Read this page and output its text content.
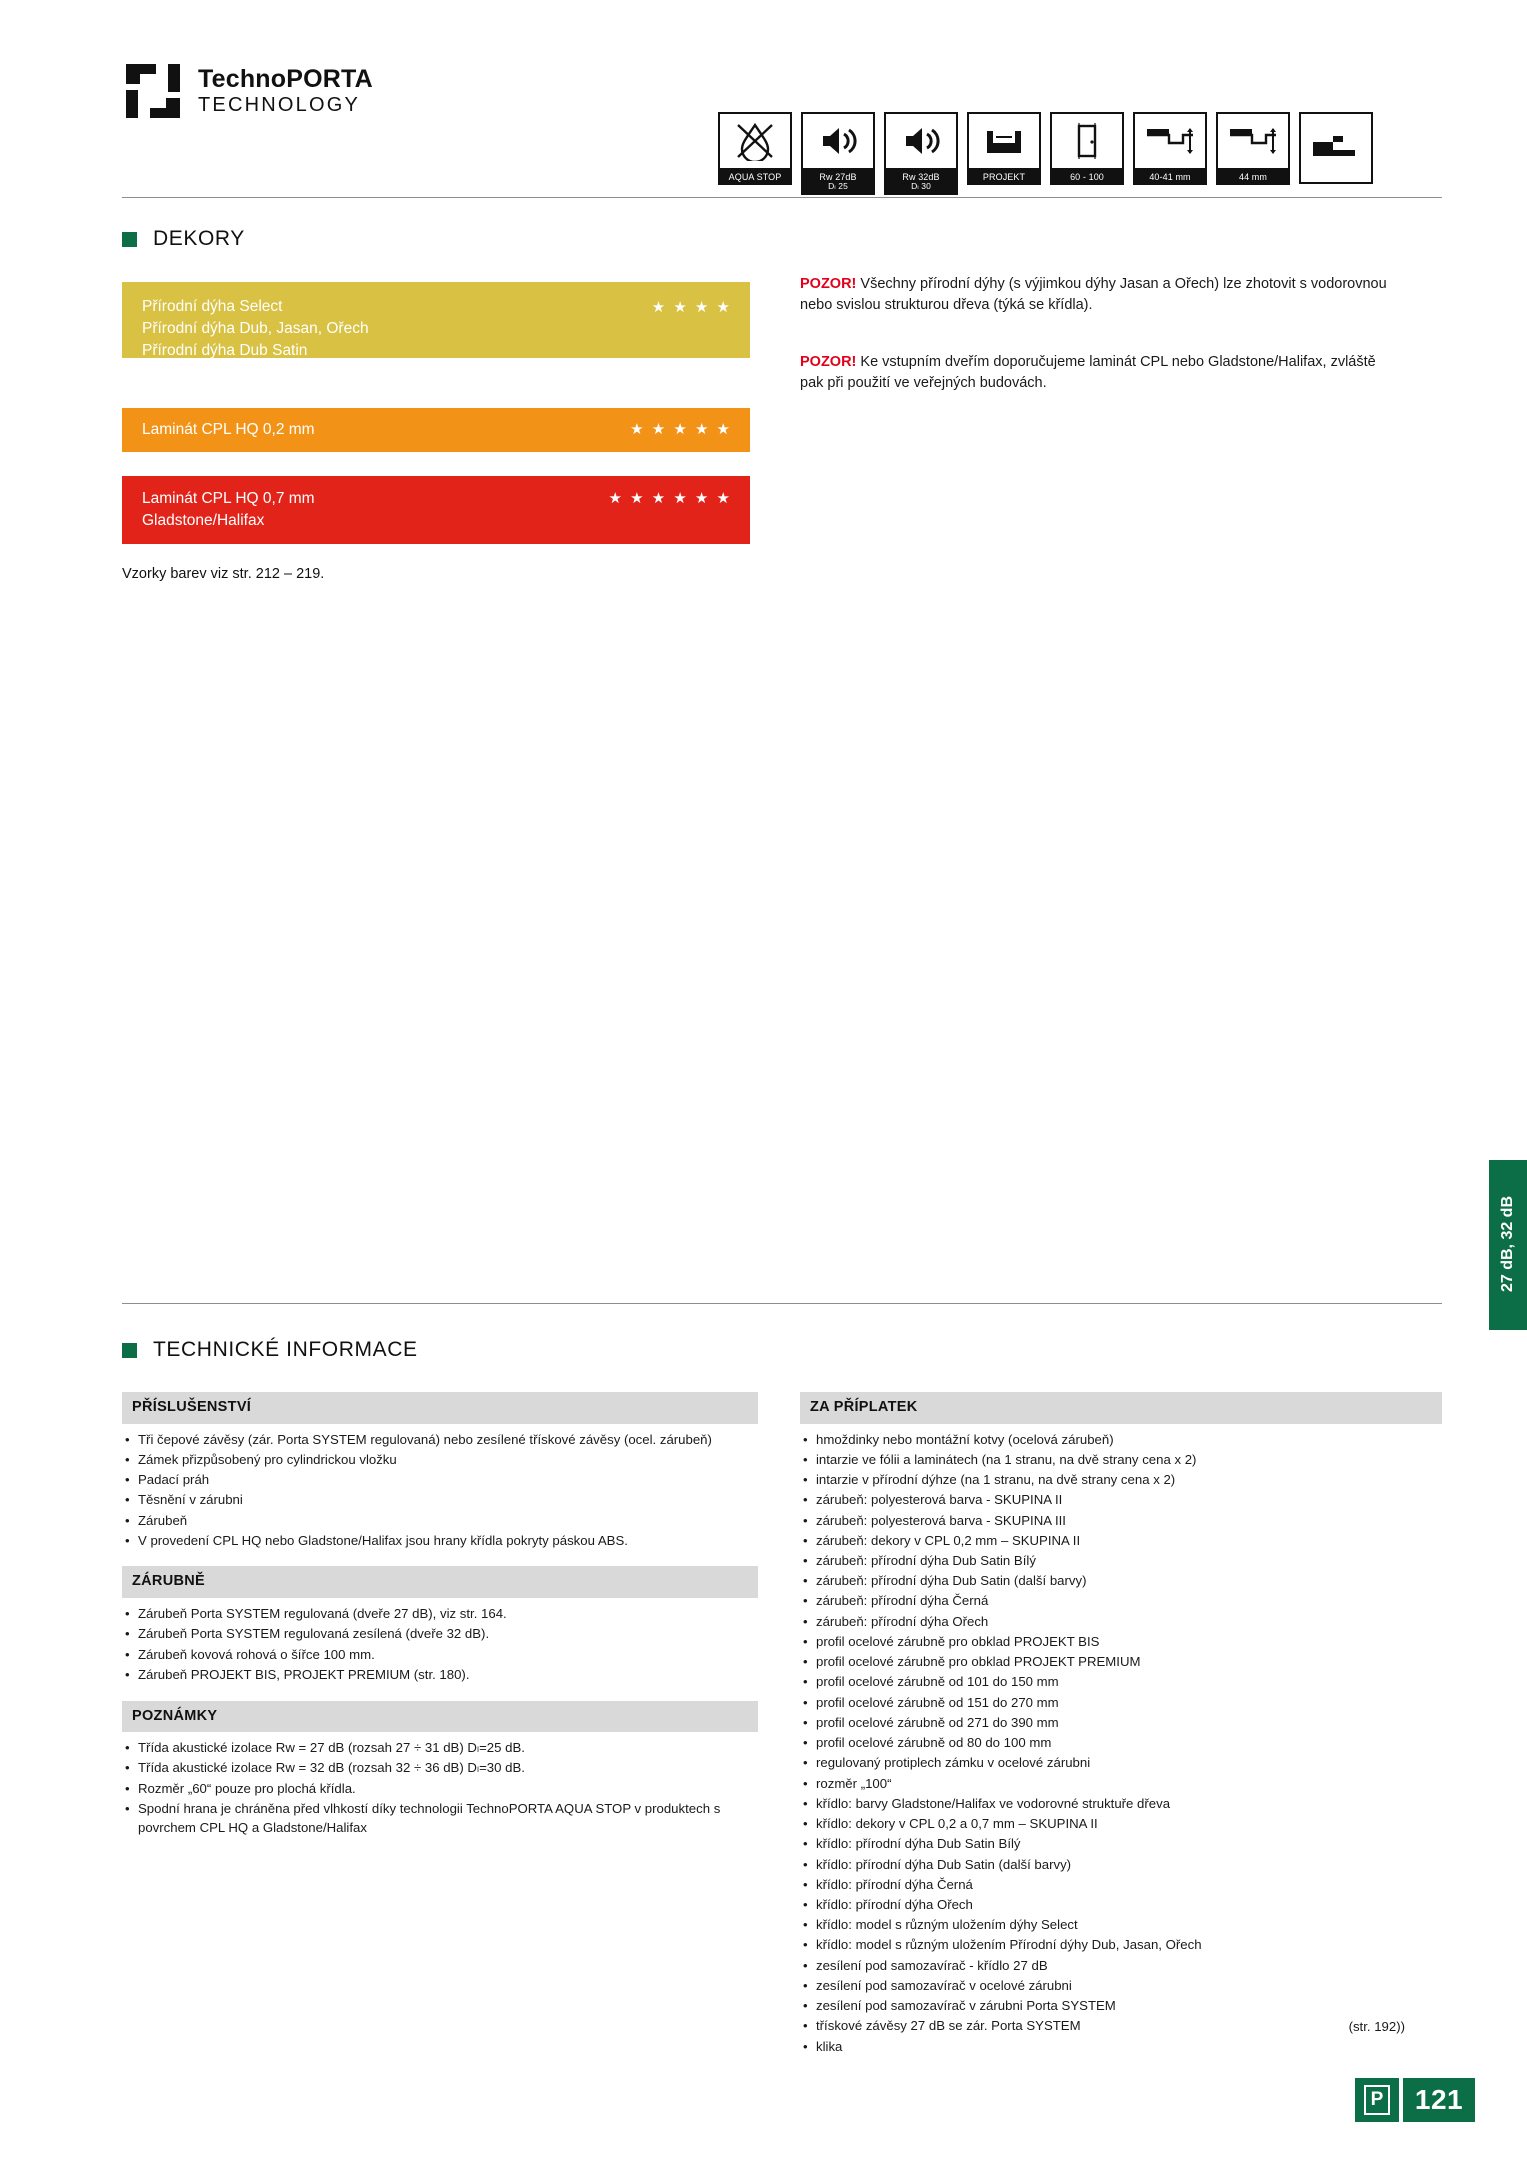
TechnoPORTA
TECHNOLOGY
AQUA STOP	Rw 27dB
Dₗ 25
Rw 32dB
Dₗ 30
PROJEKT	60 - 100	40-41 mm	44 mm
DEKORY
Přírodní dýha Select
Přírodní dýha Dub, Jasan, Ořech
Přírodní dýha Dub Satin
★ ★ ★ ★
Laminát CPL HQ 0,2 mm	★ ★ ★ ★ ★
Laminát CPL HQ 0,7 mm
Gladstone/Halifax
★ ★ ★ ★ ★ ★
Vzorky barev viz str. 212 – 219.
POZOR! Všechny přírodní dýhy (s výjimkou dýhy Jasan a Ořech) lze zhotovit s vodorovnou nebo svislou strukturou dřeva (týká se křídla).
POZOR! Ke vstupním dveřím doporučujeme laminát CPL nebo Gladstone/Halifax, zvláště pak při použití ve veřejných budovách.
27 dB, 32 dB
TECHNICKÉ INFORMACE
PŘÍSLUŠENSTVÍ
• Tři čepové závěsy (zár. Porta SYSTEM regulovaná) nebo zesílené třískové závěsy (ocel. zárubeň)
• Zámek přizpůsobený pro cylindrickou vložku
• Padací práh
• Těsnění v zárubni
• Zárubeň
• V provedení CPL HQ nebo Gladstone/Halifax jsou hrany křídla pokryty páskou ABS.
ZÁRUBNĚ
• Zárubeň Porta SYSTEM regulovaná (dveře 27 dB), viz str. 164.
• Zárubeň Porta SYSTEM regulovaná zesílená (dveře 32 dB).
• Zárubeň kovová rohová o šířce 100 mm.
• Zárubeň PROJEKT BIS, PROJEKT PREMIUM (str. 180).
POZNÁMKY
• Třída akustické izolace Rw = 27 dB (rozsah 27 ÷ 31 dB) Dₗ=25 dB.
• Třída akustické izolace Rw = 32 dB (rozsah 32 ÷ 36 dB) Dₗ=30 dB.
• Rozměr „60“ pouze pro plochá křídla.
• Spodní hrana je chráněna před vlhkostí díky technologii TechnoPORTA AQUA STOP v produktech s povrchem CPL HQ a Gladstone/Halifax
ZA PŘÍPLATEK
• hmoždinky nebo montážní kotvy (ocelová zárubeň)
• intarzie ve fólii a laminátech (na 1 stranu, na dvě strany cena x 2)
• intarzie v přírodní dýhze (na 1 stranu, na dvě strany cena x 2)
• zárubeň: polyesterová barva - SKUPINA II
• zárubeň: polyesterová barva - SKUPINA III
• zárubeň: dekory v CPL 0,2 mm – SKUPINA II
• zárubeň: přírodní dýha Dub Satin Bílý
• zárubeň: přírodní dýha Dub Satin (další barvy)
• zárubeň: přírodní dýha Černá
• zárubeň: přírodní dýha Ořech
• profil ocelové zárubně pro obklad PROJEKT BIS
• profil ocelové zárubně pro obklad PROJEKT PREMIUM
• profil ocelové zárubně od 101 do 150 mm
• profil ocelové zárubně od 151 do 270 mm
• profil ocelové zárubně od 271 do 390 mm
• profil ocelové zárubně od 80 do 100 mm
• regulovaný protiplech zámku v ocelové zárubni
• rozměr „100“
• křídlo: barvy Gladstone/Halifax ve vodorovné struktuře dřeva
• křídlo: dekory v CPL 0,2 a 0,7 mm – SKUPINA II
• křídlo: přírodní dýha Dub Satin Bílý
• křídlo: přírodní dýha Dub Satin (další barvy)
• křídlo: přírodní dýha Černá
• křídlo: přírodní dýha Ořech
• křídlo: model s různým uložením dýhy Select
• křídlo: model s různým uložením Přírodní dýhy Dub, Jasan, Ořech
• zesílení pod samozavírač - křídlo 27 dB
• zesílení pod samozavírač v ocelové zárubni
• zesílení pod samozavírač v zárubni Porta SYSTEM
• třískové závěsy 27 dB se zár. Porta SYSTEM
• klika
(str. 192))
P	121
